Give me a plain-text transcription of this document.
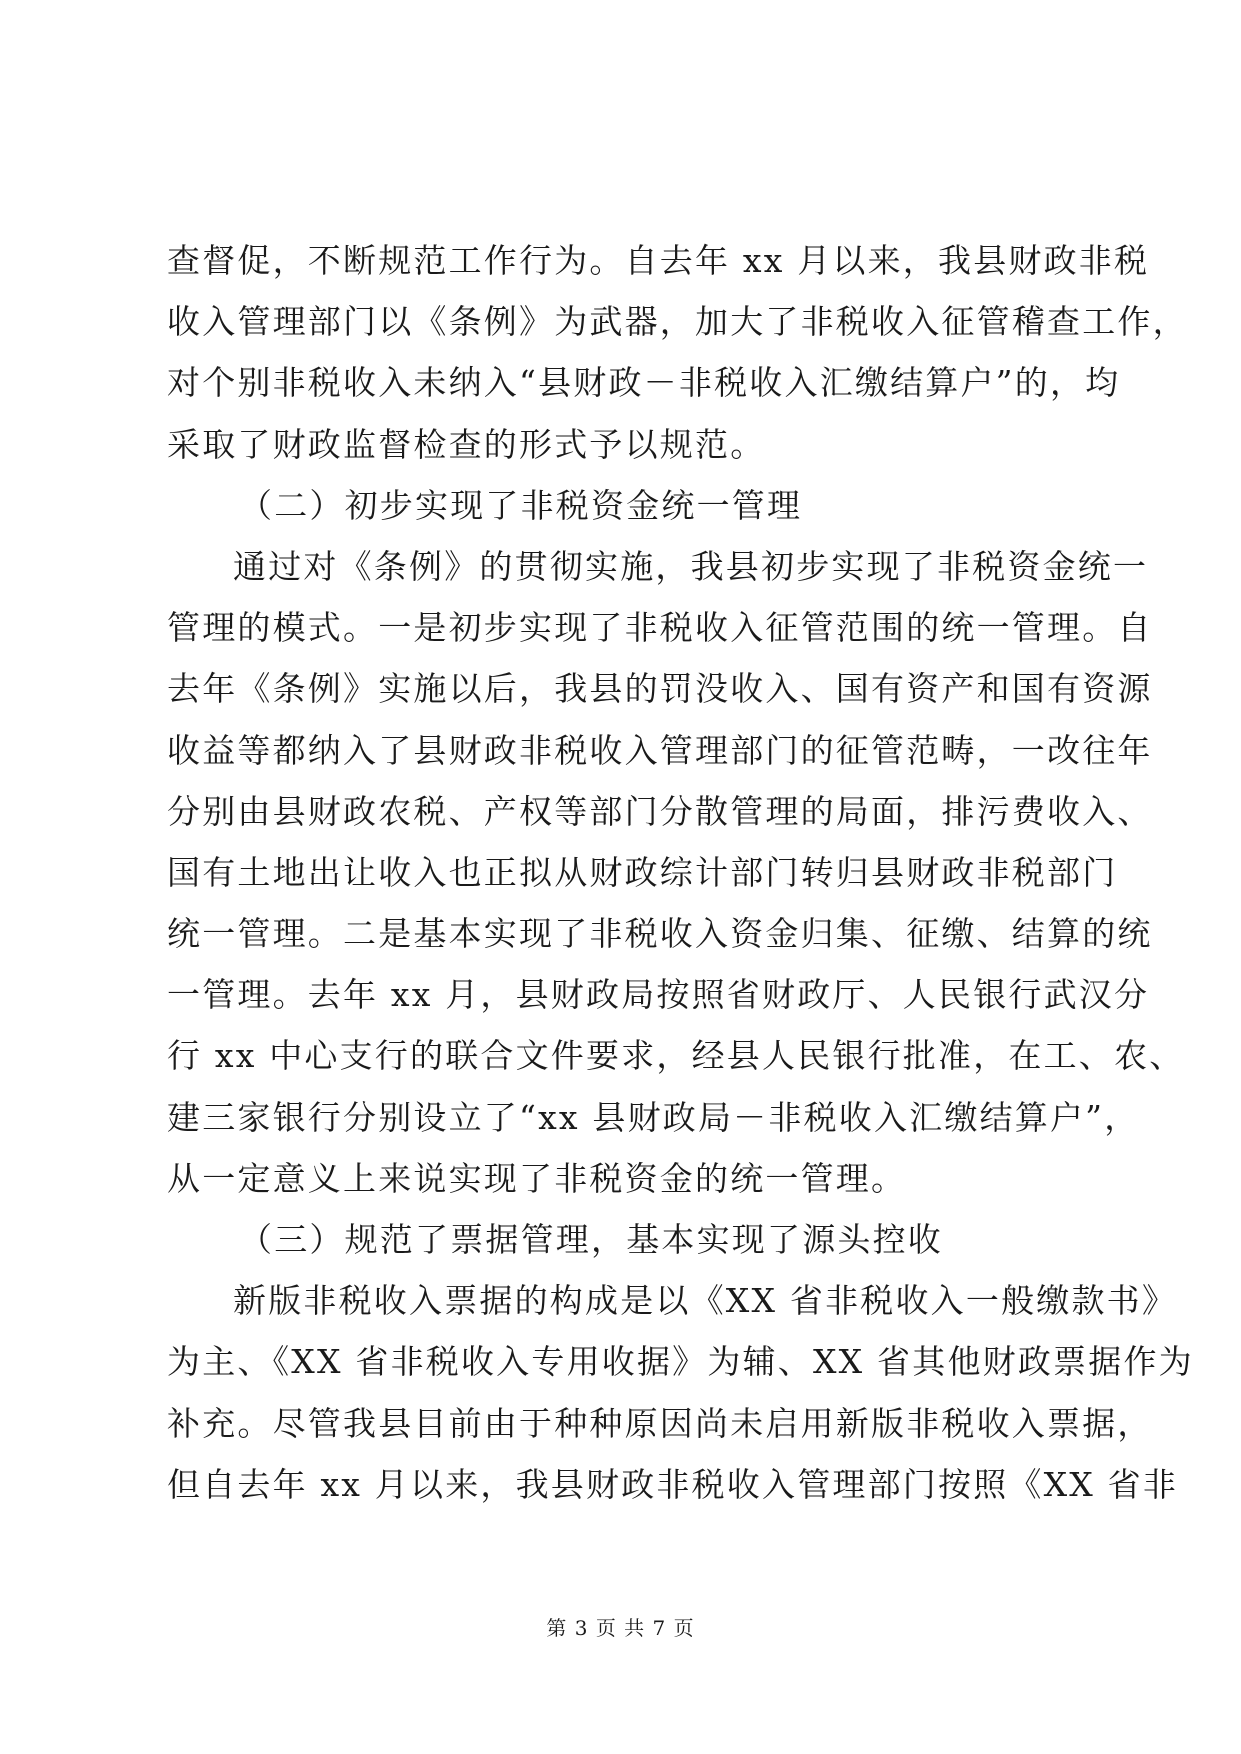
查督促，不断规范工作行为。自去年 xx 月以来，我县财政非税
收入管理部门以《条例》为武器，加大了非税收入征管稽查工作，
对个别非税收入未纳入“县财政－非税收入汇缴结算户”的，均
采取了财政监督检查的形式予以规范。
（二）初步实现了非税资金统一管理
通过对《条例》的贯彻实施，我县初步实现了非税资金统一
管理的模式。一是初步实现了非税收入征管范围的统一管理。自
去年《条例》实施以后，我县的罚没收入、国有资产和国有资源
收益等都纳入了县财政非税收入管理部门的征管范畴，一改往年
分别由县财政农税、产权等部门分散管理的局面，排污费收入、
国有土地出让收入也正拟从财政综计部门转归县财政非税部门
统一管理。二是基本实现了非税收入资金归集、征缴、结算的统
一管理。去年 xx 月，县财政局按照省财政厅、人民银行武汉分
行 xx 中心支行的联合文件要求，经县人民银行批准，在工、农、
建三家银行分别设立了“xx 县财政局－非税收入汇缴结算户”，
从一定意义上来说实现了非税资金的统一管理。
（三）规范了票据管理，基本实现了源头控收
新版非税收入票据的构成是以《XX 省非税收入一般缴款书》
为主、《XX 省非税收入专用收据》为辅、XX 省其他财政票据作为
补充。尽管我县目前由于种种原因尚未启用新版非税收入票据，
但自去年 xx 月以来，我县财政非税收入管理部门按照《XX 省非
第 3 页 共 7 页
